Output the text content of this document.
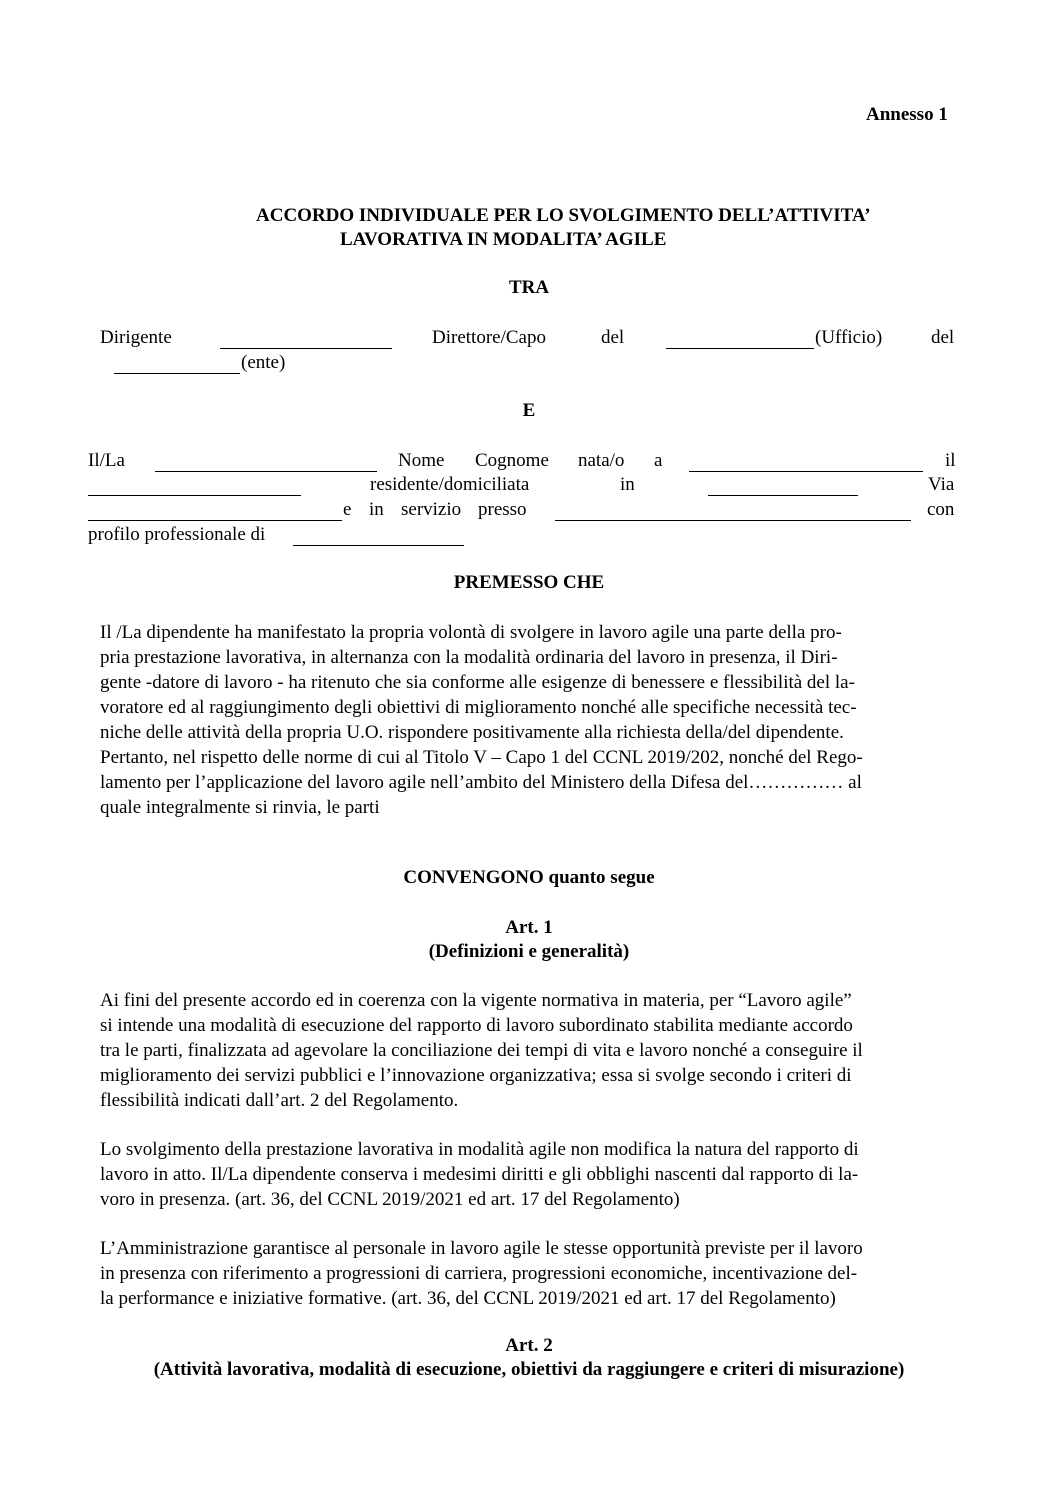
Annesso 1
ACCORDO INDIVIDUALE PER LO SVOLGIMENTO DELL’ATTIVITA’
LAVORATIVA IN MODALITA’ AGILE
TRA
Dirigente	Direttore/Capo	del	(Ufficio)	del
(ente)
E
Il/La	Nome Cognome nata/o a	il
residente/domiciliata	in	Via
e in servizio presso	con
profilo professionale di
PREMESSO CHE
Il /La dipendente ha manifestato la propria volontà di svolgere in lavoro agile una parte della pro-
pria prestazione lavorativa, in alternanza con la modalità ordinaria del lavoro in presenza, il Diri-
gente -datore di lavoro - ha ritenuto che sia conforme alle esigenze di benessere e flessibilità del la-
voratore ed al raggiungimento degli obiettivi di miglioramento nonché alle specifiche necessità tec-
niche delle attività della propria U.O. rispondere positivamente alla richiesta della/del dipendente.
Pertanto, nel rispetto delle norme di cui al Titolo V – Capo 1 del CCNL 2019/202, nonché del Rego-
lamento per l’applicazione del lavoro agile nell’ambito del Ministero della Difesa del…………… al
quale integralmente si rinvia, le parti
CONVENGONO quanto segue
Art. 1
(Definizioni e generalità)
Ai fini del presente accordo ed in coerenza con la vigente normativa in materia, per “Lavoro agile”
si intende una modalità di esecuzione del rapporto di lavoro subordinato stabilita mediante accordo
tra le parti, finalizzata ad agevolare la conciliazione dei tempi di vita e lavoro nonché a conseguire il
miglioramento dei servizi pubblici e l’innovazione organizzativa; essa si svolge secondo i criteri di
flessibilità indicati dall’art. 2 del Regolamento.
Lo svolgimento della prestazione lavorativa in modalità agile non modifica la natura del rapporto di
lavoro in atto. Il/La dipendente conserva i medesimi diritti e gli obblighi nascenti dal rapporto di la-
voro in presenza. (art. 36, del CCNL 2019/2021 ed art. 17 del Regolamento)
L’Amministrazione garantisce al personale in lavoro agile le stesse opportunità previste per il lavoro
in presenza con riferimento a progressioni di carriera, progressioni economiche, incentivazione del-
la performance e iniziative formative. (art. 36, del CCNL 2019/2021 ed art. 17 del Regolamento)
Art. 2
(Attività lavorativa, modalità di esecuzione, obiettivi da raggiungere e criteri di misurazione)
